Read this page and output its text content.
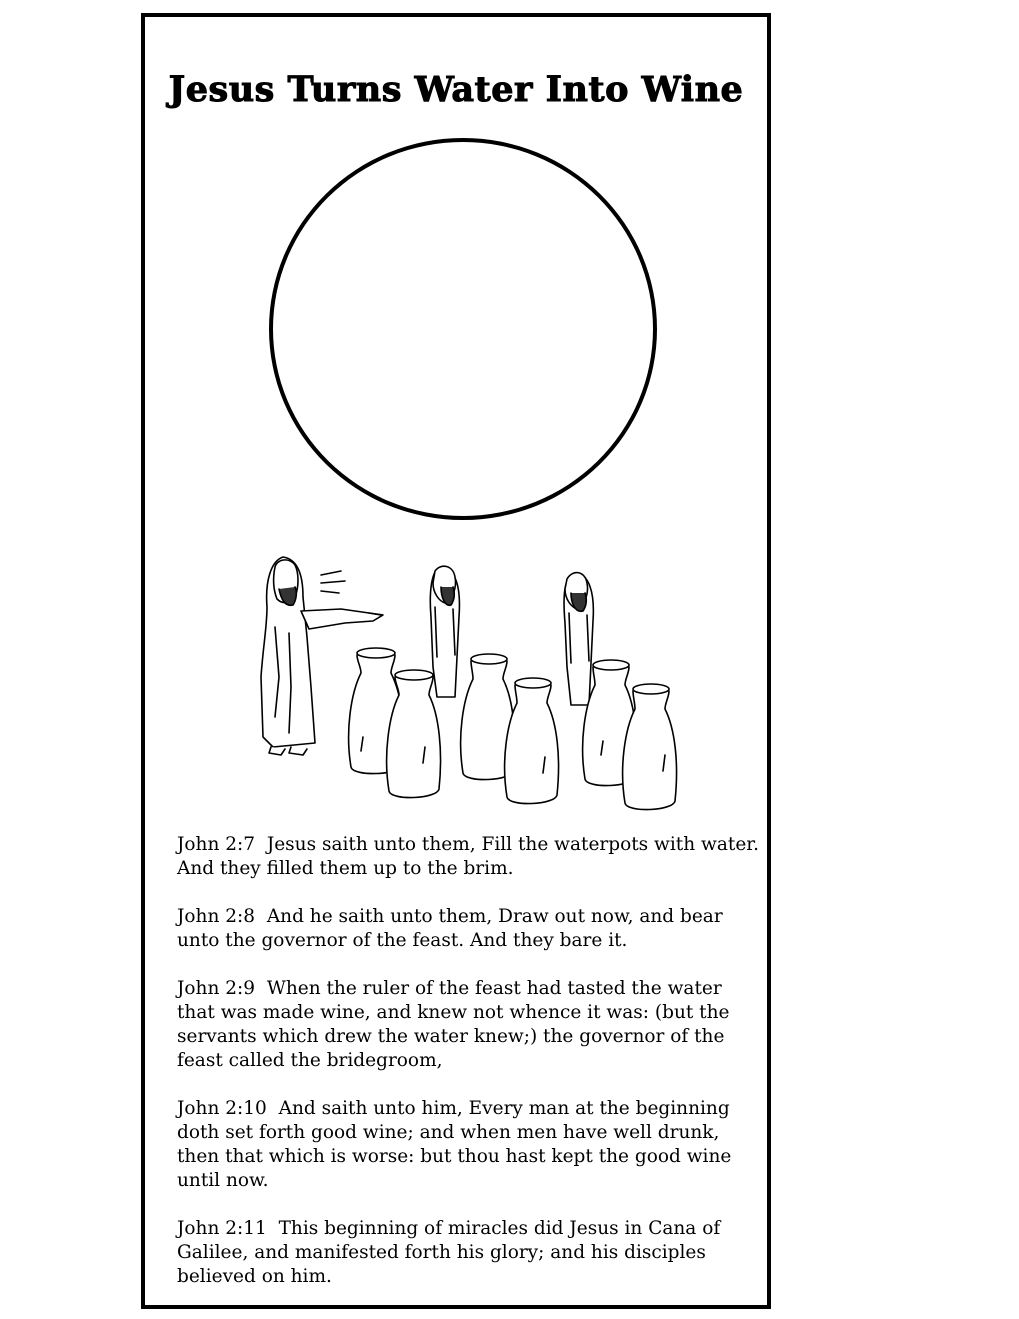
Jesus Turns Water Into Wine

John 2:7 Jesus saith unto them, Fill the waterpots with water. And they filled them up to the brim.

John 2:8 And he saith unto them, Draw out now, and bear unto the governor of the feast. And they bare it.

John 2:9 When the ruler of the feast had tasted the water that was made wine, and knew not whence it was: (but the servants which drew the water knew;) the governor of the feast called the bridegroom,

John 2:10 And saith unto him, Every man at the beginning doth set forth good wine; and when men have well drunk, then that which is worse: but thou hast kept the good wine until now.

John 2:11 This beginning of miracles did Jesus in Cana of Galilee, and manifested forth his glory; and his disciples believed on him.
